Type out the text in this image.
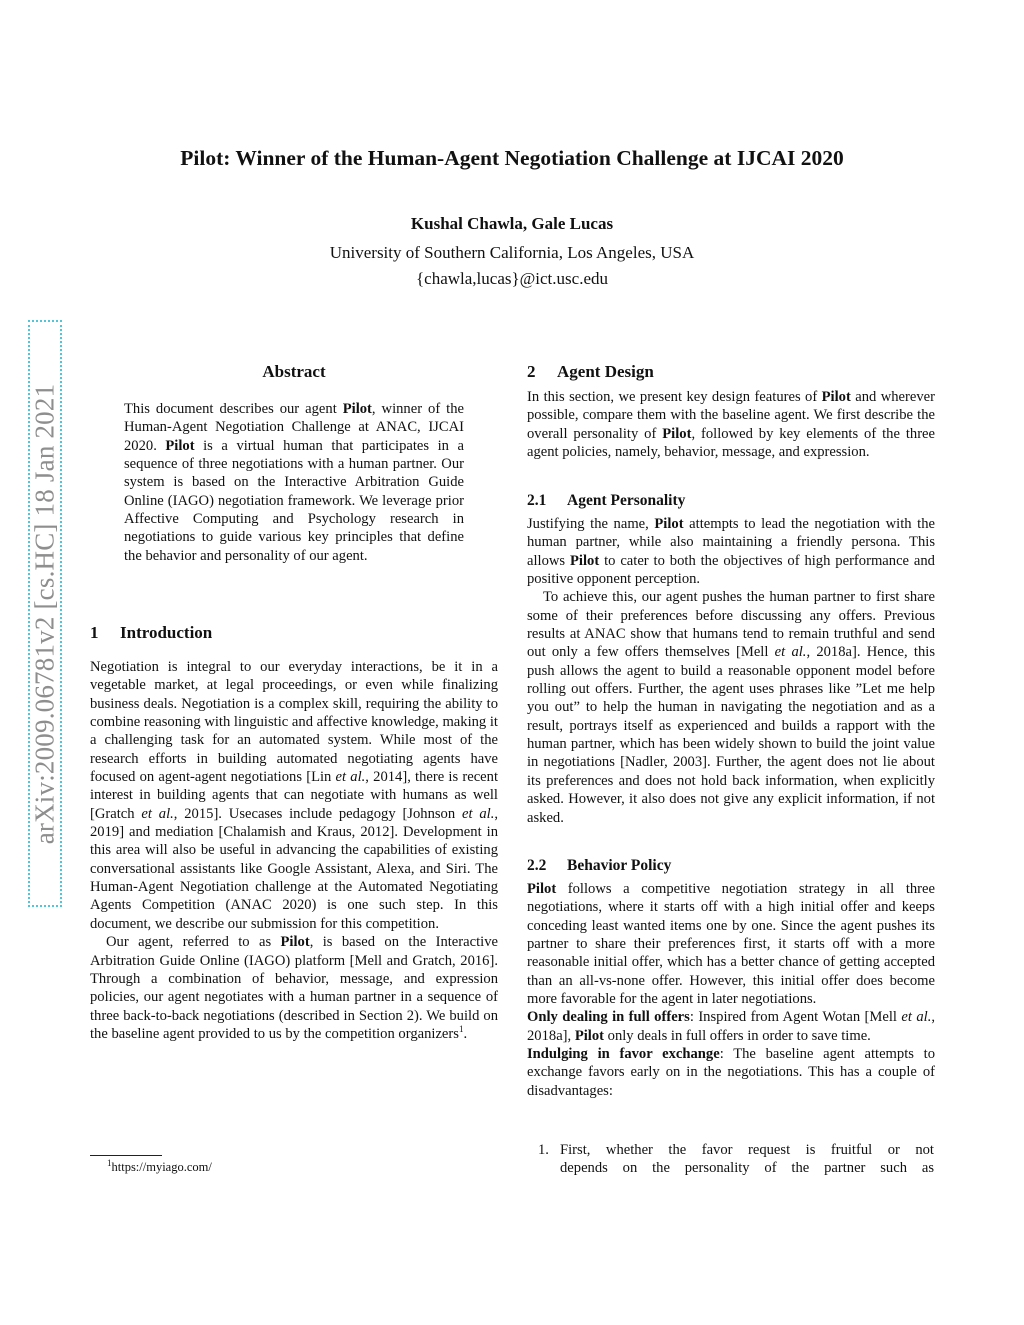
Pilot: Winner of the Human-Agent Negotiation Challenge at IJCAI 2020
Kushal Chawla, Gale Lucas
University of Southern California, Los Angeles, USA
{chawla,lucas}@ict.usc.edu
arXiv:2009.06781v2 [cs.HC] 18 Jan 2021
Abstract

This document describes our agent Pilot, winner of the Human-Agent Negotiation Challenge at ANAC, IJCAI 2020. Pilot is a virtual human that participates in a sequence of three negotiations with a human partner. Our system is based on the Interactive Arbitration Guide Online (IAGO) negotiation framework. We leverage prior Affective Computing and Psychology research in negotiations to guide various key principles that define the behavior and personality of our agent.

1 Introduction

Negotiation is integral to our everyday interactions, be it in a vegetable market, at legal proceedings, or even while finalizing business deals. Negotiation is a complex skill, requiring the ability to combine reasoning with linguistic and affective knowledge, making it a challenging task for an automated system. While most of the research efforts in building automated negotiating agents have focused on agent-agent negotiations [Lin et al., 2014], there is recent interest in building agents that can negotiate with humans as well [Gratch et al., 2015]. Usecases include pedagogy [Johnson et al., 2019] and mediation [Chalamish and Kraus, 2012]. Development in this area will also be useful in advancing the capabilities of existing conversational assistants like Google Assistant, Alexa, and Siri. The Human-Agent Negotiation challenge at the Automated Negotiating Agents Competition (ANAC 2020) is one such step. In this document, we describe our submission for this competition.

Our agent, referred to as Pilot, is based on the Interactive Arbitration Guide Online (IAGO) platform [Mell and Gratch, 2016]. Through a combination of behavior, message, and expression policies, our agent negotiates with a human partner in a sequence of three back-to-back negotiations (described in Section 2). We build on the baseline agent provided to us by the competition organizers$^1$.

$^1$https://myiago.com/
2 Agent Design

In this section, we present key design features of Pilot and wherever possible, compare them with the baseline agent. We first describe the overall personality of Pilot, followed by key elements of the three agent policies, namely, behavior, message, and expression.

2.1 Agent Personality

Justifying the name, Pilot attempts to lead the negotiation with the human partner, while also maintaining a friendly persona. This allows Pilot to cater to both the objectives of high performance and positive opponent perception.

To achieve this, our agent pushes the human partner to first share some of their preferences before discussing any offers. Previous results at ANAC show that humans tend to remain truthful and send out only a few offers themselves [Mell et al., 2018a]. Hence, this push allows the agent to build a reasonable opponent model before rolling out offers. Further, the agent uses phrases like ”Let me help you out” to help the human in navigating the negotiation and as a result, portrays itself as experienced and builds a rapport with the human partner, which has been widely shown to build the joint value in negotiations [Nadler, 2003]. Further, the agent does not lie about its preferences and does not hold back information, when explicitly asked. However, it also does not give any explicit information, if not asked.

2.2 Behavior Policy

Pilot follows a competitive negotiation strategy in all three negotiations, where it starts off with a high initial offer and keeps conceding least wanted items one by one. Since the agent pushes its partner to share their preferences first, it starts off with a more reasonable initial offer, which has a better chance of getting accepted than an all-vs-none offer. However, this initial offer does become more favorable for the agent in later negotiations.

Only dealing in full offers: Inspired from Agent Wotan [Mell et al., 2018a], Pilot only deals in full offers in order to save time.

Indulging in favor exchange: The baseline agent attempts to exchange favors early on in the negotiations. This has a couple of disadvantages:

1. First, whether the favor request is fruitful or not
depends on the personality of the partner such as
